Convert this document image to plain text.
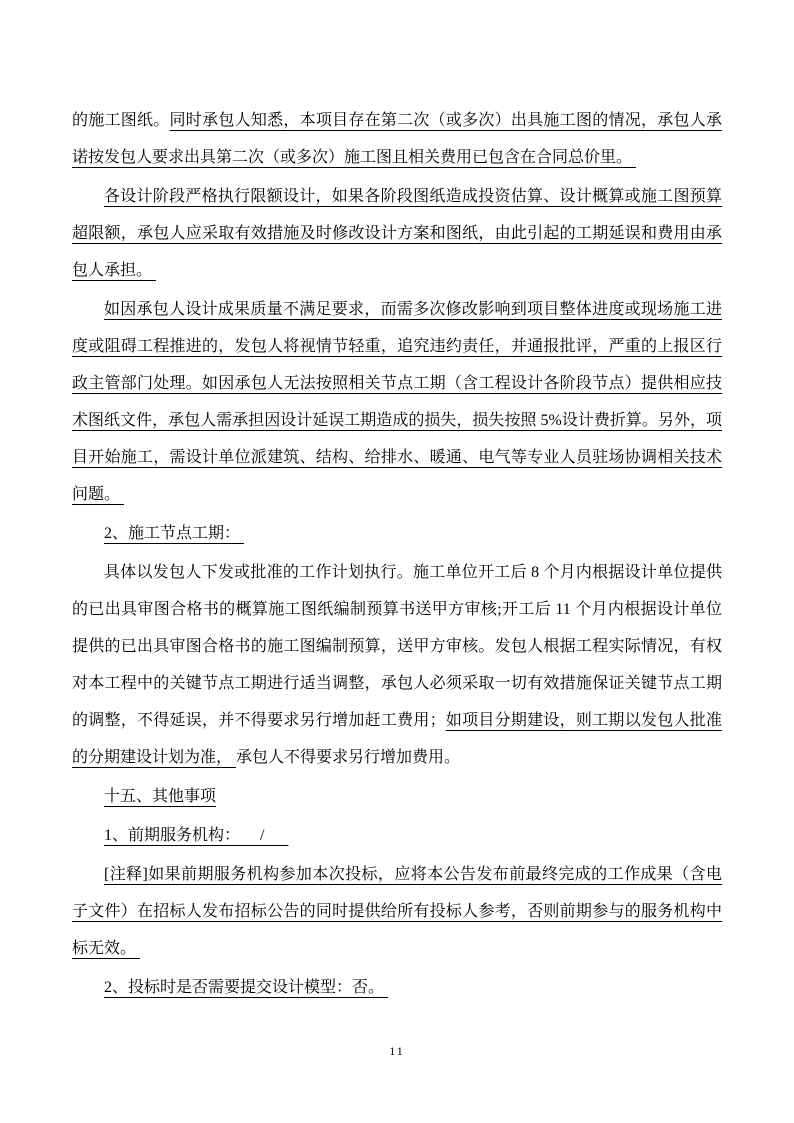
的施工图纸。同时承包人知悉，本项目存在第二次（或多次）出具施工图的情况，承包人承诺按发包人要求出具第二次（或多次）施工图且相关费用已包含在合同总价里。

各设计阶段严格执行限额设计，如果各阶段图纸造成投资估算、设计概算或施工图预算超限额，承包人应采取有效措施及时修改设计方案和图纸，由此引起的工期延误和费用由承包人承担。

如因承包人设计成果质量不满足要求，而需多次修改影响到项目整体进度或现场施工进度或阻碍工程推进的，发包人将视情节轻重，追究违约责任，并通报批评，严重的上报区行政主管部门处理。如因承包人无法按照相关节点工期（含工程设计各阶段节点）提供相应技术图纸文件，承包人需承担因设计延误工期造成的损失，损失按照 5%设计费折算。另外，项目开始施工，需设计单位派建筑、结构、给排水、暖通、电气等专业人员驻场协调相关技术问题。

2、施工节点工期：

具体以发包人下发或批准的工作计划执行。施工单位开工后 8 个月内根据设计单位提供的已出具审图合格书的概算施工图纸编制预算书送甲方审核;开工后 11 个月内根据设计单位提供的已出具审图合格书的施工图编制预算，送甲方审核。发包人根据工程实际情况，有权对本工程中的关键节点工期进行适当调整，承包人必须采取一切有效措施保证关键节点工期的调整，不得延误，并不得要求另行增加赶工费用；如项目分期建设，则工期以发包人批准的分期建设计划为准， 承包人不得要求另行增加费用。

十五、其他事项

1、前期服务机构：     /

[注释]如果前期服务机构参加本次投标，应将本公告发布前最终完成的工作成果（含电子文件）在招标人发布招标公告的同时提供给所有投标人参考，否则前期参与的服务机构中标无效。

2、投标时是否需要提交设计模型：否。

11
